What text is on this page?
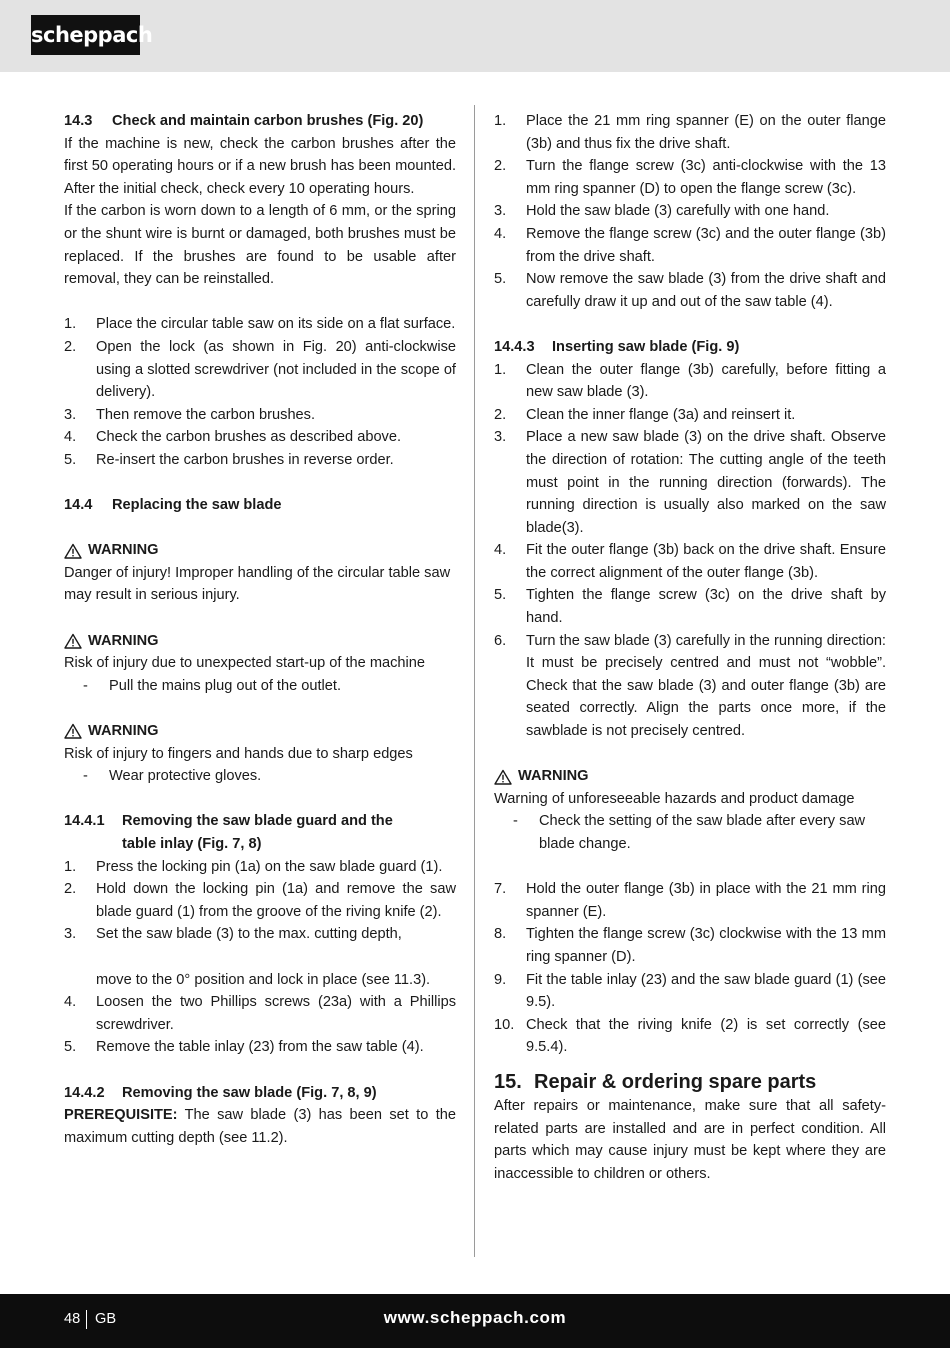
scheppach

14.3 Check and maintain carbon brushes (Fig. 20)

If the machine is new, check the carbon brushes after the first 50 operating hours or if a new brush has been mounted. After the initial check, check every 10 operating hours.

If the carbon is worn down to a length of 6 mm, or the spring or the shunt wire is burnt or damaged, both brushes must be replaced. If the brushes are found to be usable after removal, they can be reinstalled.

1.	Place the circular table saw on its side on a flat surface.
2.	Open the lock (as shown in Fig. 20) anti-clockwise using a slotted screwdriver (not included in the scope of delivery).
3.	Then remove the carbon brushes.
4.	Check the carbon brushes as described above.
5.	Re-insert the carbon brushes in reverse order.

14.4 Replacing the saw blade

WARNING

Danger of injury! Improper handling of the circular table saw may result in serious injury.

WARNING

Risk of injury due to unexpected start-up of the machine

-	Pull the mains plug out of the outlet.

WARNING

Risk of injury to fingers and hands due to sharp edges

-	Wear protective gloves.

14.4.1 Removing the saw blade guard and the

table inlay (Fig. 7, 8)

1.	Press the locking pin (1a) on the saw blade guard (1).
2.	Hold down the locking pin (1a) and remove the saw blade guard (1) from the groove of the riving knife (2).
3.	Set the saw blade (3) to the max. cutting depth,
move to the 0° position and lock in place (see 11.3).
4.	Loosen the two Phillips screws (23a) with a Phillips screwdriver.
5.	Remove the table inlay (23) from the saw table (4).

14.4.2 Removing the saw blade (Fig. 7, 8, 9)

PREREQUISITE: The saw blade (3) has been set to the maximum cutting depth (see 11.2).

1.	Place the 21 mm ring spanner (E) on the outer flange (3b) and thus fix the drive shaft.
2.	Turn the flange screw (3c) anti-clockwise with the 13 mm ring spanner (D) to open the flange screw (3c).
3.	Hold the saw blade (3) carefully with one hand.
4.	Remove the flange screw (3c) and the outer flange (3b) from the drive shaft.
5.	Now remove the saw blade (3) from the drive shaft and carefully draw it up and out of the saw table (4).

14.4.3 Inserting saw blade (Fig. 9)

1.	Clean the outer flange (3b) carefully, before fitting a new saw blade (3).
2.	Clean the inner flange (3a) and reinsert it.
3.	Place a new saw blade (3) on the drive shaft. Observe the direction of rotation: The cutting angle of the teeth must point in the running direction (forwards). The running direction is usually also marked on the saw blade(3).
4.	Fit the outer flange (3b) back on the drive shaft. Ensure the correct alignment of the outer flange (3b).
5.	Tighten the flange screw (3c) on the drive shaft by hand.
6.	Turn the saw blade (3) carefully in the running direction: It must be precisely centred and must not “wobble”. Check that the saw blade (3) and outer flange (3b) are seated correctly. Align the parts once more, if the sawblade is not precisely centred.

WARNING

Warning of unforeseeable hazards and product damage

-	Check the setting of the saw blade after every saw blade change.
7.	Hold the outer flange (3b) in place with the 21 mm ring spanner (E).
8.	Tighten the flange screw (3c) clockwise with the 13 mm ring spanner (D).
9.	Fit the table inlay (23) and the saw blade guard (1) (see 9.5).
10. Check that the riving knife (2) is set correctly (see 9.5.4).

15. Repair & ordering spare parts

After repairs or maintenance, make sure that all safety-related parts are installed and are in perfect condition. All parts which may cause injury must be kept where they are inaccessible to children or others.

48 GB	www.scheppach.com
